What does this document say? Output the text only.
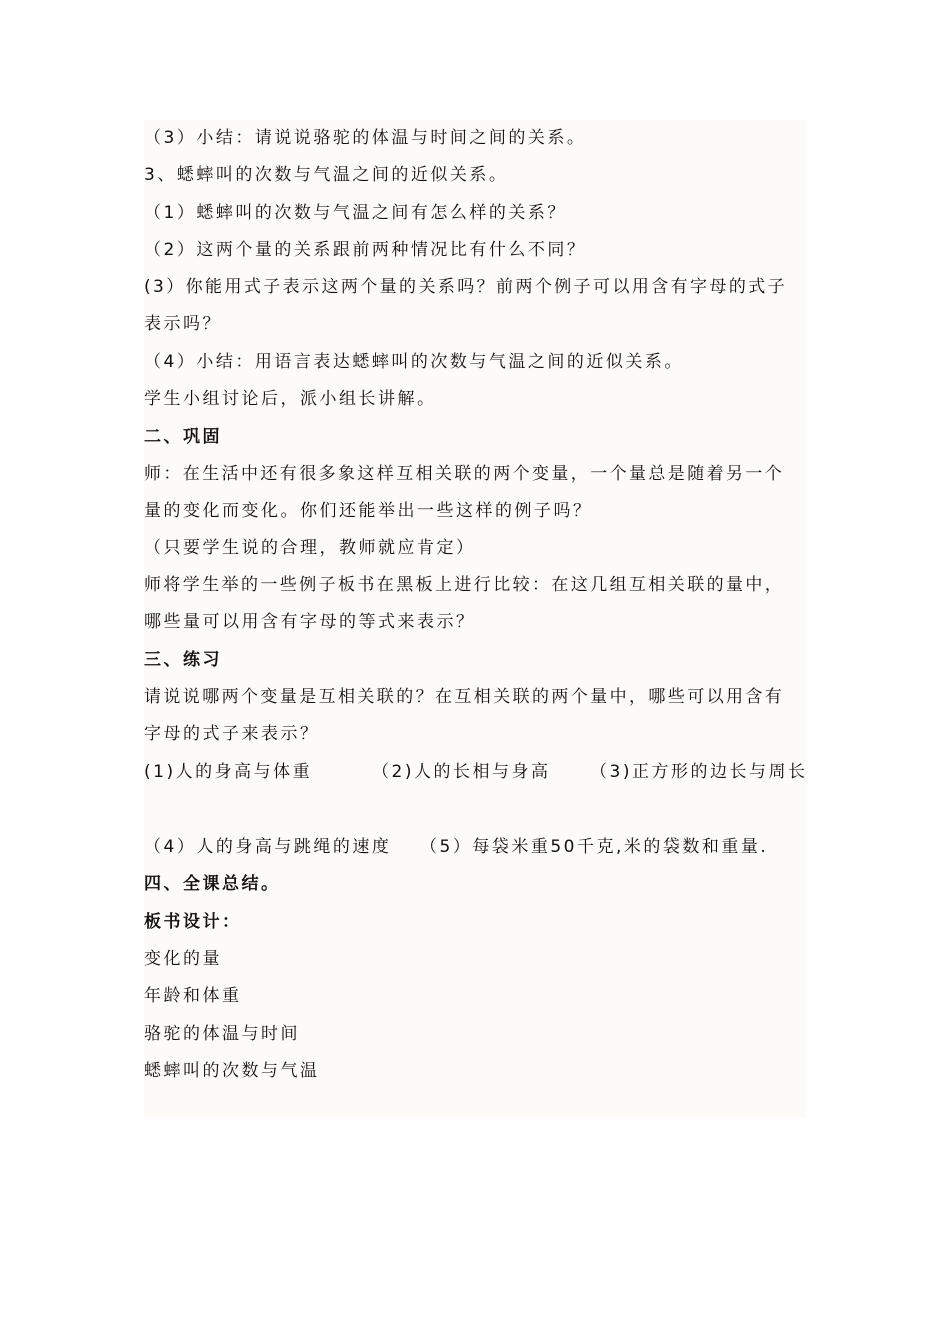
（3）小结：请说说骆驼的体温与时间之间的关系。
3、蟋蟀叫的次数与气温之间的近似关系。
（1）蟋蟀叫的次数与气温之间有怎么样的关系？
（2）这两个量的关系跟前两种情况比有什么不同？
(3）你能用式子表示这两个量的关系吗？前两个例子可以用含有字母的式子
表示吗？
（4）小结：用语言表达蟋蟀叫的次数与气温之间的近似关系。
学生小组讨论后，派小组长讲解。
二、巩固
师：在生活中还有很多象这样互相关联的两个变量，一个量总是随着另一个
量的变化而变化。你们还能举出一些这样的例子吗？
（只要学生说的合理，教师就应肯定）
师将学生举的一些例子板书在黑板上进行比较：在这几组互相关联的量中，
哪些量可以用含有字母的等式来表示？
三、练习
请说说哪两个变量是互相关联的？在互相关联的两个量中，哪些可以用含有
字母的式子来表示？
(1)人的身高与体重	（2)人的长相与身高 （3)正方形的边长与周长
（4）人的身高与跳绳的速度 （5）每袋米重50千克,米的袋数和重量.
四、全课总结。
板书设计：
变化的量
年龄和体重
骆驼的体温与时间
蟋蟀叫的次数与气温
